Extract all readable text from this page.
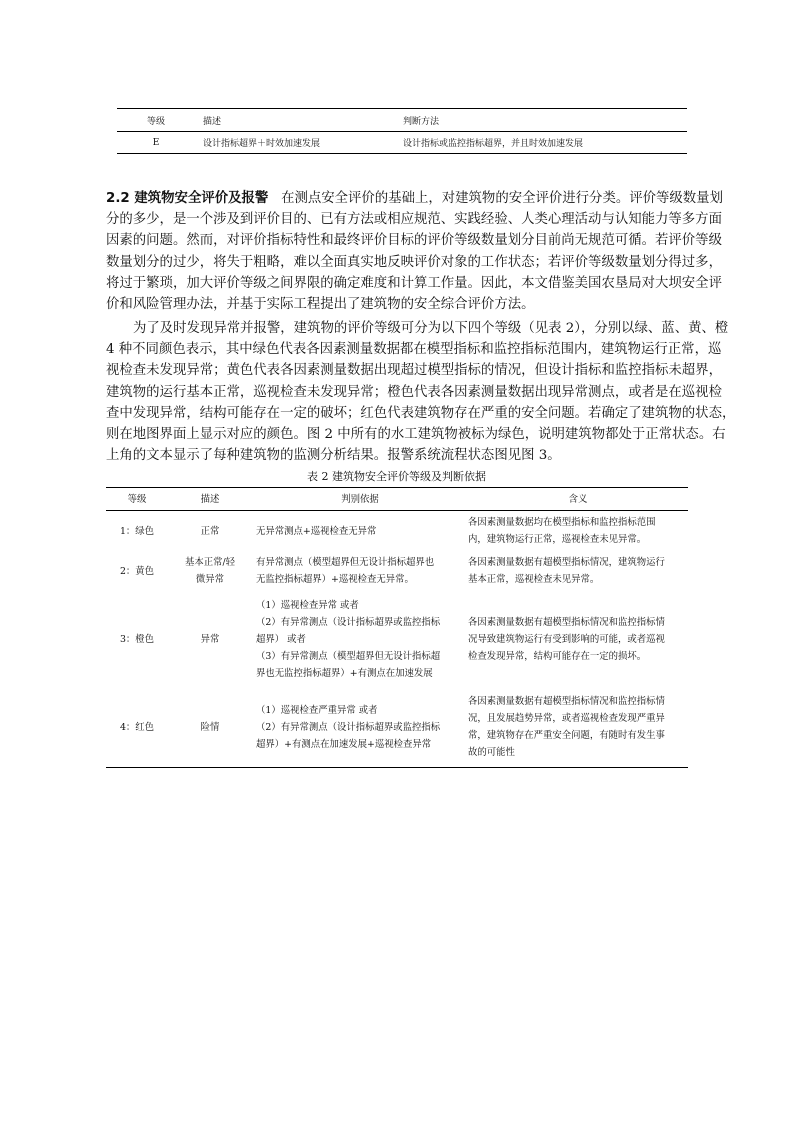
等级	描述	判断方法
E	设计指标超界＋时效加速发展	设计指标或监控指标超界，并且时效加速发展
2.2 建筑物安全评价及报警 在测点安全评价的基础上，对建筑物的安全评价进行分类。评价等级数量划
分的多少，是一个涉及到评价目的、已有方法或相应规范、实践经验、人类心理活动与认知能力等多方面
因素的问题。然而，对评价指标特性和最终评价目标的评价等级数量划分目前尚无规范可循。若评价等级
数量划分的过少，将失于粗略，难以全面真实地反映评价对象的工作状态；若评价等级数量划分得过多，
将过于繁琐，加大评价等级之间界限的确定难度和计算工作量。因此，本文借鉴美国农垦局对大坝安全评
价和风险管理办法，并基于实际工程提出了建筑物的安全综合评价方法。
为了及时发现异常并报警，建筑物的评价等级可分为以下四个等级（见表 2），分别以绿、蓝、黄、橙
4 种不同颜色表示，其中绿色代表各因素测量数据都在模型指标和监控指标范围内，建筑物运行正常，巡
视检查未发现异常；黄色代表各因素测量数据出现超过模型指标的情况，但设计指标和监控指标未超界，
建筑物的运行基本正常，巡视检查未发现异常；橙色代表各因素测量数据出现异常测点，或者是在巡视检
查中发现异常，结构可能存在一定的破坏；红色代表建筑物存在严重的安全问题。若确定了建筑物的状态，
则在地图界面上显示对应的颜色。图 2 中所有的水工建筑物被标为绿色，说明建筑物都处于正常状态。右
上角的文本显示了每种建筑物的监测分析结果。报警系统流程状态图见图 3。
表 2 建筑物安全评价等级及判断依据
等级	描述	判别依据	含义
1：绿色	正常	无异常测点+巡视检查无异常	各因素测量数据均在模型指标和监控指标范围
内，建筑物运行正常，巡视检查未见异常。

2：黄色	基本正常/轻
微异常	有异常测点（模型超界但无设计指标超界也
无监控指标超界）+巡视检查无异常。	各因素测量数据有超模型指标情况，建筑物运行
基本正常，巡视检查未见异常。

3：橙色	异常	（1）巡视检查异常 或者
（2）有异常测点（设计指标超界或监控指标
超界） 或者
（3）有异常测点（模型超界但无设计指标超
界也无监控指标超界）+有测点在加速发展	各因素测量数据有超模型指标情况和监控指标情
况导致建筑物运行有受到影响的可能，或者巡视
检查发现异常，结构可能存在一定的损坏。

4：红色	险情	（1）巡视检查严重异常 或者
（2）有异常测点（设计指标超界或监控指标
超界）+有测点在加速发展+巡视检查异常	各因素测量数据有超模型指标情况和监控指标情
况，且发展趋势异常，或者巡视检查发现严重异
常，建筑物存在严重安全问题，有随时有发生事
故的可能性
